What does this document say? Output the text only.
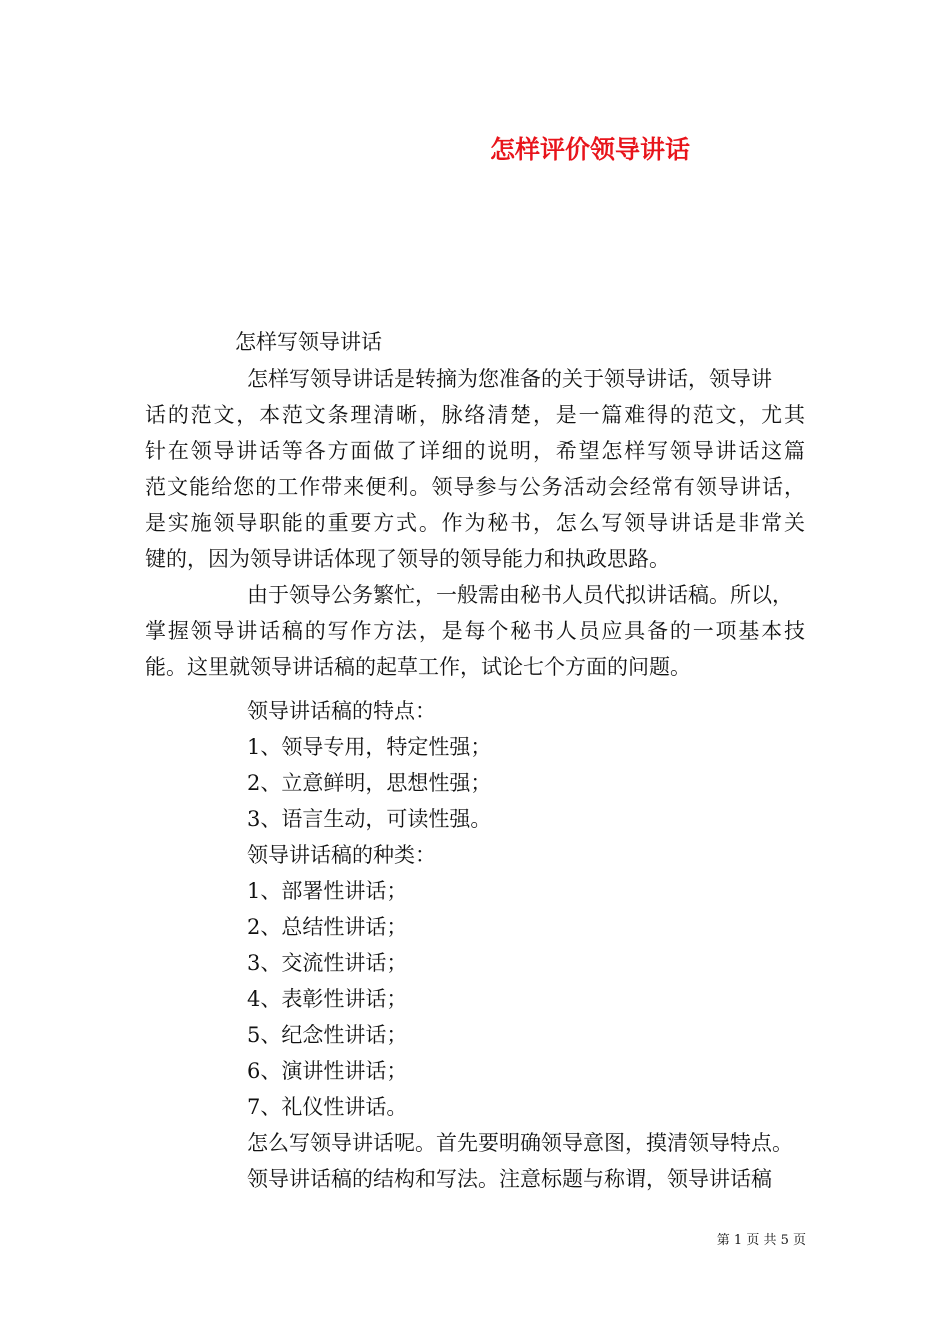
怎样评价领导讲话
怎样写领导讲话
怎样写领导讲话是转摘为您准备的关于领导讲话，领导讲
话的范文，本范文条理清晰，脉络清楚，是一篇难得的范文，尤其
针在领导讲话等各方面做了详细的说明，希望怎样写领导讲话这篇
范文能给您的工作带来便利。领导参与公务活动会经常有领导讲话，
是实施领导职能的重要方式。作为秘书，怎么写领导讲话是非常关
键的，因为领导讲话体现了领导的领导能力和执政思路。
由于领导公务繁忙，一般需由秘书人员代拟讲话稿。所以，
掌握领导讲话稿的写作方法，是每个秘书人员应具备的一项基本技
能。这里就领导讲话稿的起草工作，试论七个方面的问题。
领导讲话稿的特点：
1、领导专用，特定性强；
2、立意鲜明，思想性强；
3、语言生动，可读性强。
领导讲话稿的种类：
1、部署性讲话；
2、总结性讲话；
3、交流性讲话；
4、表彰性讲话；
5、纪念性讲话；
6、演讲性讲话；
7、礼仪性讲话。
怎么写领导讲话呢。首先要明确领导意图，摸清领导特点。
领导讲话稿的结构和写法。注意标题与称谓，领导讲话稿
第 1 页 共 5 页
